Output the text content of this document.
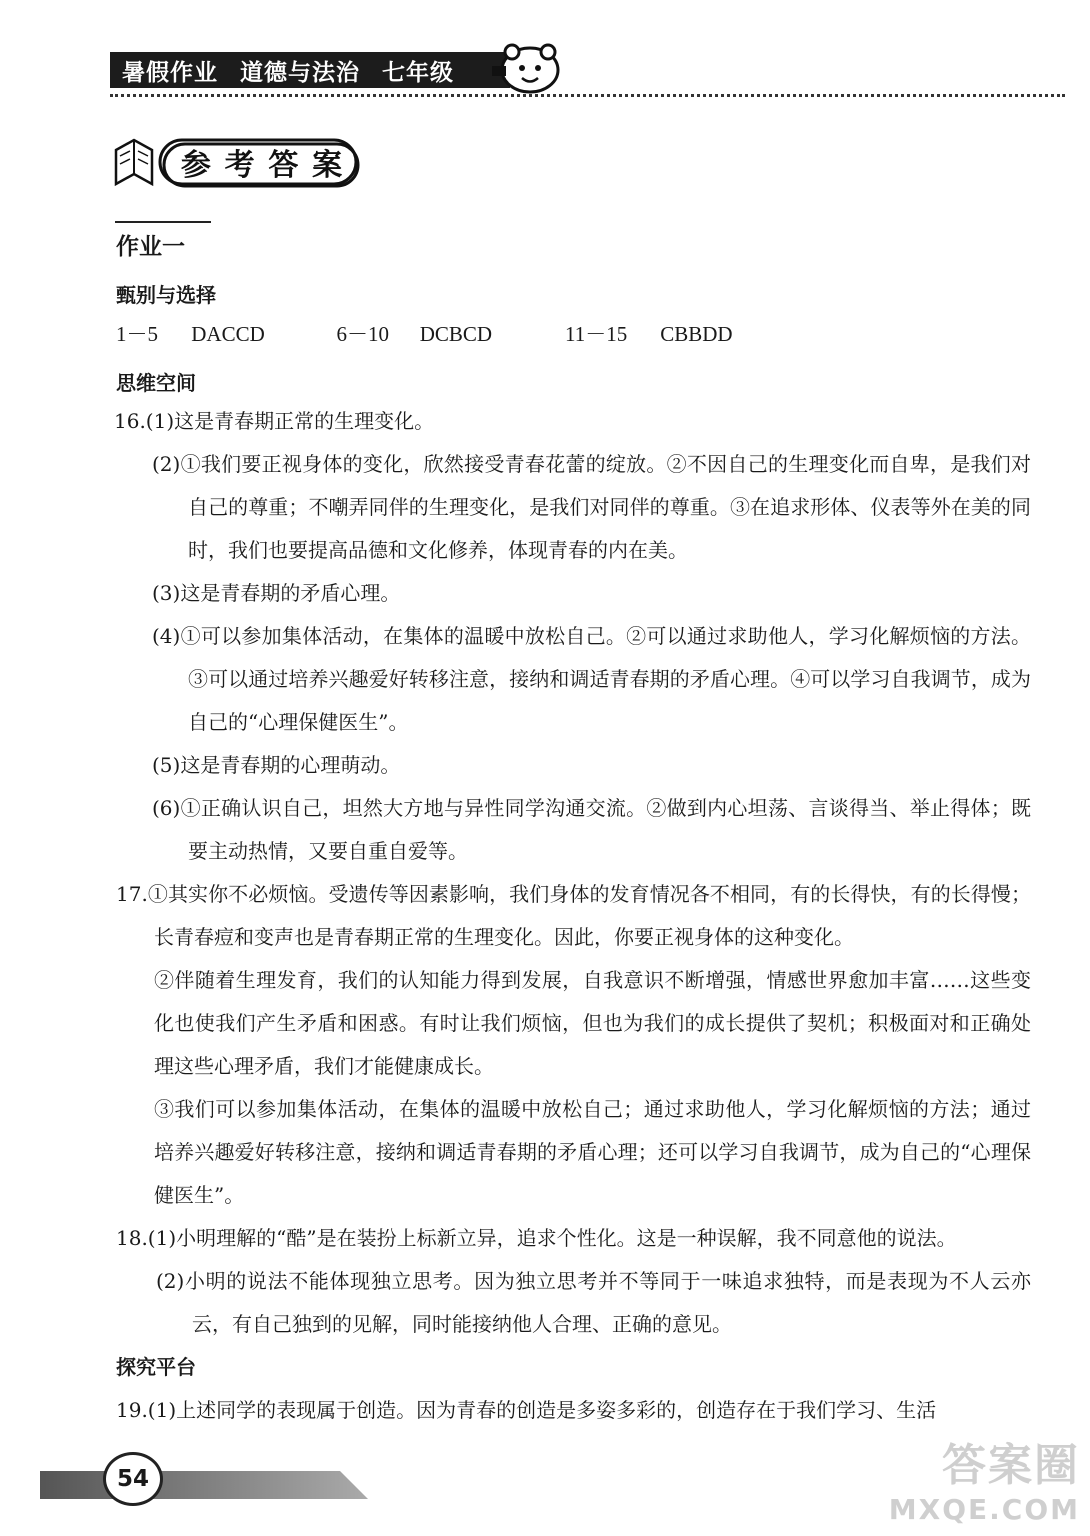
暑假作业 道德与法治 七年级
参 考 答 案
作业一
甄别与选择
1－5 DACCD	6－10 DCBCD	11－15 CBBDD
思维空间

16.(1)这是青春期正常的生理变化。

(2)①我们要正视身体的变化，欣然接受青春花蕾的绽放。②不因自己的生理变化而自卑，是我们对自己的尊重；不嘲弄同伴的生理变化，是我们对同伴的尊重。③在追求形体、仪表等外在美的同时，我们也要提高品德和文化修养，体现青春的内在美。

(3)这是青春期的矛盾心理。

(4)①可以参加集体活动，在集体的温暖中放松自己。②可以通过求助他人，学习化解烦恼的方法。③可以通过培养兴趣爱好转移注意，接纳和调适青春期的矛盾心理。④可以学习自我调节，成为自己的“心理保健医生”。

(5)这是青春期的心理萌动。

(6)①正确认识自己，坦然大方地与异性同学沟通交流。②做到内心坦荡、言谈得当、举止得体；既要主动热情，又要自重自爱等。

17.①其实你不必烦恼。受遗传等因素影响，我们身体的发育情况各不相同，有的长得快，有的长得慢；长青春痘和变声也是青春期正常的生理变化。因此，你要正视身体的这种变化。

②伴随着生理发育，我们的认知能力得到发展，自我意识不断增强，情感世界愈加丰富……这些变化也使我们产生矛盾和困惑。有时让我们烦恼，但也为我们的成长提供了契机；积极面对和正确处理这些心理矛盾，我们才能健康成长。

③我们可以参加集体活动，在集体的温暖中放松自己；通过求助他人，学习化解烦恼的方法；通过培养兴趣爱好转移注意，接纳和调适青春期的矛盾心理；还可以学习自我调节，成为自己的“心理保健医生”。

18.(1)小明理解的“酷”是在装扮上标新立异，追求个性化。这是一种误解，我不同意他的说法。

(2)小明的说法不能体现独立思考。因为独立思考并不等同于一味追求独特，而是表现为不人云亦云，有自己独到的见解，同时能接纳他人合理、正确的意见。

探究平台

19.(1)上述同学的表现属于创造。因为青春的创造是多姿多彩的，创造存在于我们学习、生活

54	答案圈
MXQE.COM
